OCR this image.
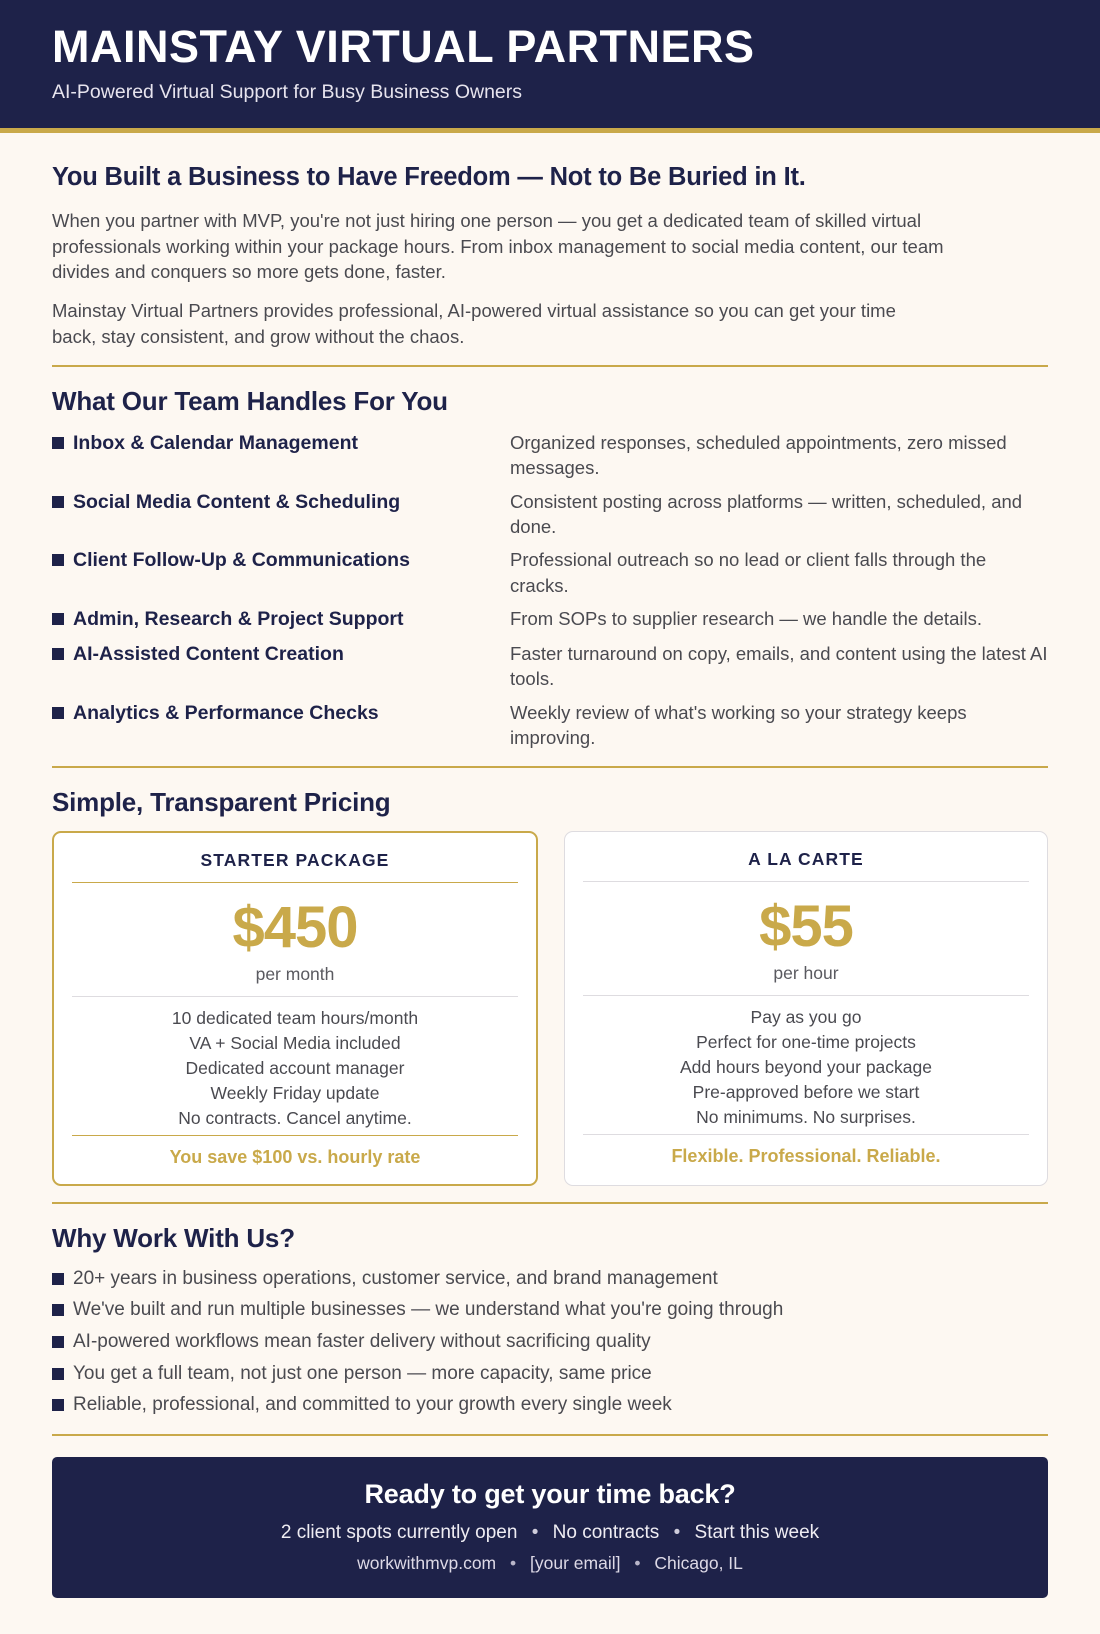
MAINSTAY VIRTUAL PARTNERS
AI-Powered Virtual Support for Busy Business Owners
You Built a Business to Have Freedom — Not to Be Buried in It.
When you partner with MVP, you're not just hiring one person — you get a dedicated team of skilled virtual professionals working within your package hours. From inbox management to social media content, our team divides and conquers so more gets done, faster.
Mainstay Virtual Partners provides professional, AI-powered virtual assistance so you can get your time back, stay consistent, and grow without the chaos.
What Our Team Handles For You
Inbox & Calendar Management	Organized responses, scheduled appointments, zero missed messages.
Social Media Content & Scheduling	Consistent posting across platforms — written, scheduled, and done.
Client Follow-Up & Communications	Professional outreach so no lead or client falls through the cracks.
Admin, Research & Project Support	From SOPs to supplier research — we handle the details.
AI-Assisted Content Creation	Faster turnaround on copy, emails, and content using the latest AI tools.
Analytics & Performance Checks	Weekly review of what's working so your strategy keeps improving.
Simple, Transparent Pricing
STARTER PACKAGE
$450
per month
10 dedicated team hours/month
VA + Social Media included
Dedicated account manager
Weekly Friday update
No contracts. Cancel anytime.
You save $100 vs. hourly rate
A LA CARTE
$55
per hour
Pay as you go
Perfect for one-time projects
Add hours beyond your package
Pre-approved before we start
No minimums. No surprises.
Flexible. Professional. Reliable.
Why Work With Us?
20+ years in business operations, customer service, and brand management
We've built and run multiple businesses — we understand what you're going through
AI-powered workflows mean faster delivery without sacrificing quality
You get a full team, not just one person — more capacity, same price
Reliable, professional, and committed to your growth every single week
Ready to get your time back?
2 client spots currently open • No contracts • Start this week
workwithmvp.com • [your email] • Chicago, IL
